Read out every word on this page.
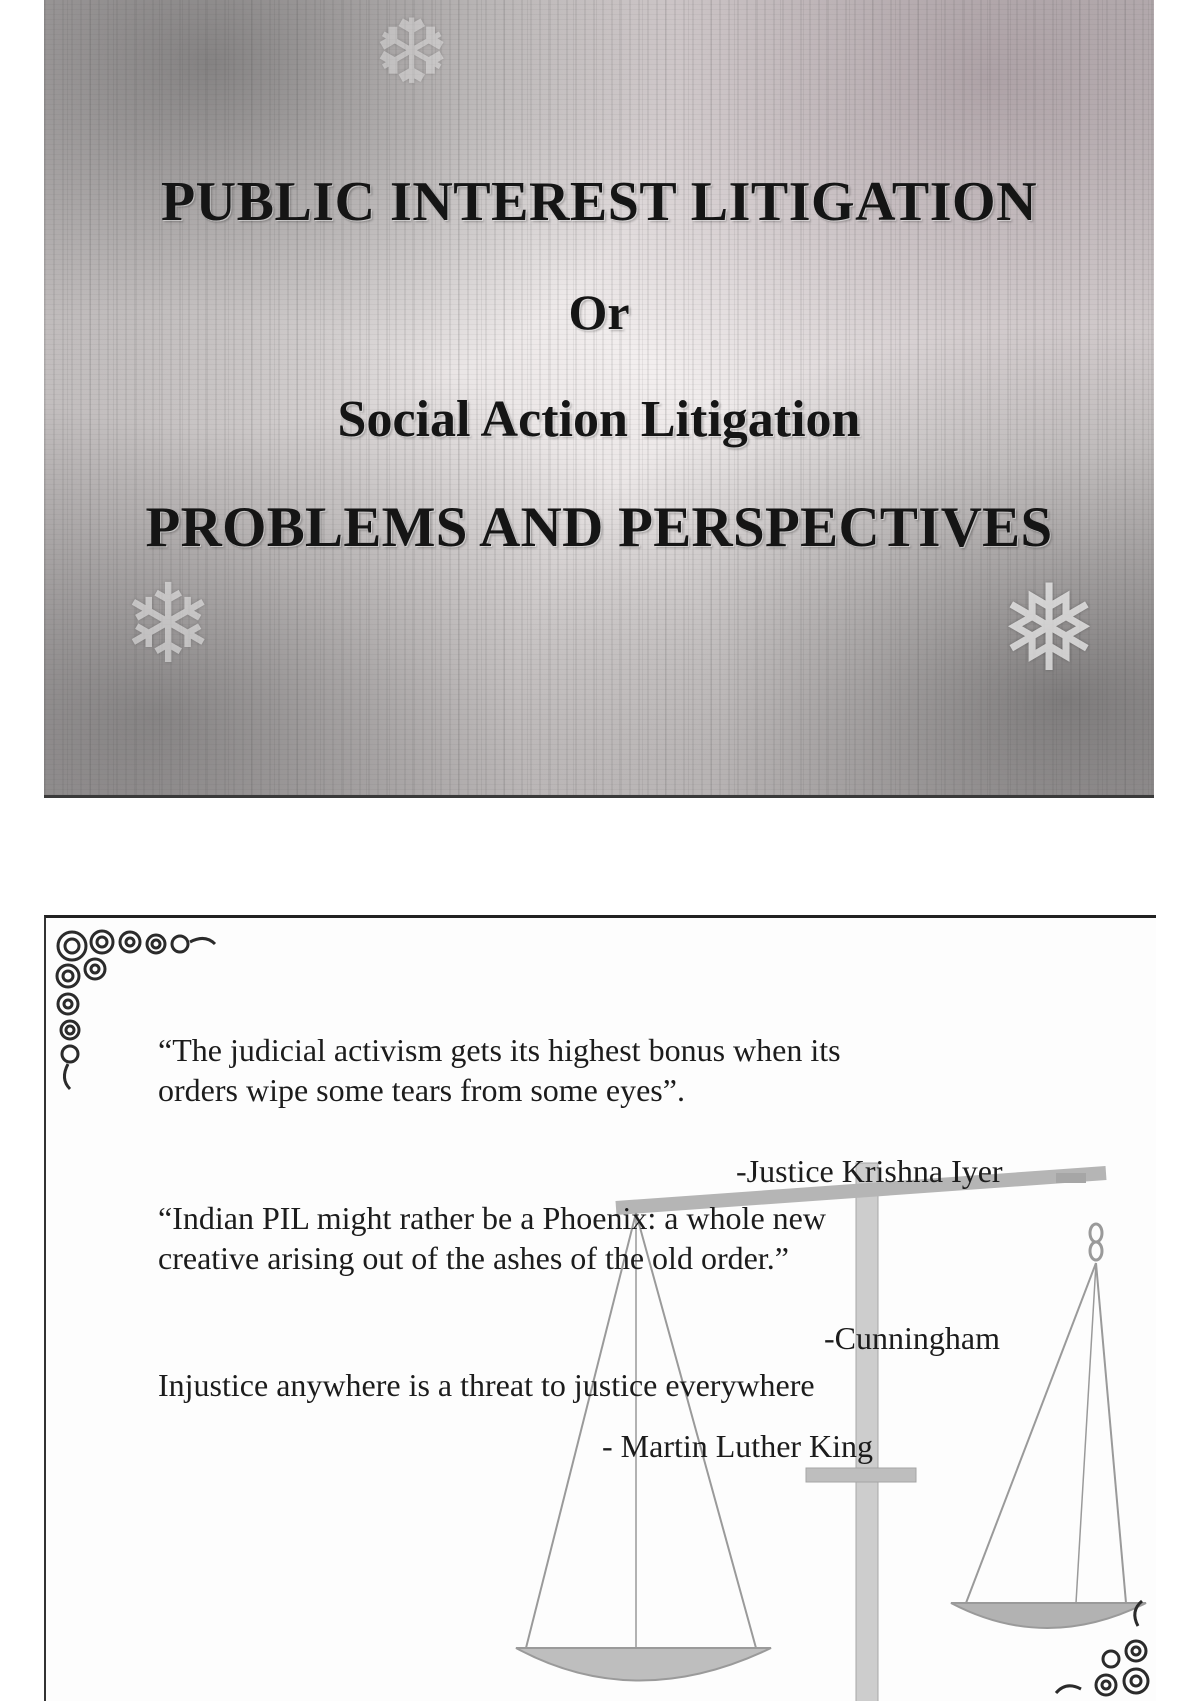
❄	❅
❆
PUBLIC INTEREST LITIGATION
Or
Social Action Litigation
PROBLEMS AND PERSPECTIVES
“The judicial activism gets its highest bonus when its
orders wipe some tears from some eyes”.
-Justice Krishna Iyer
“Indian PIL might rather be a Phoenix: a whole new
creative arising out of the ashes of the old order.”
-Cunningham
Injustice anywhere is a threat to justice everywhere
- Martin Luther King
